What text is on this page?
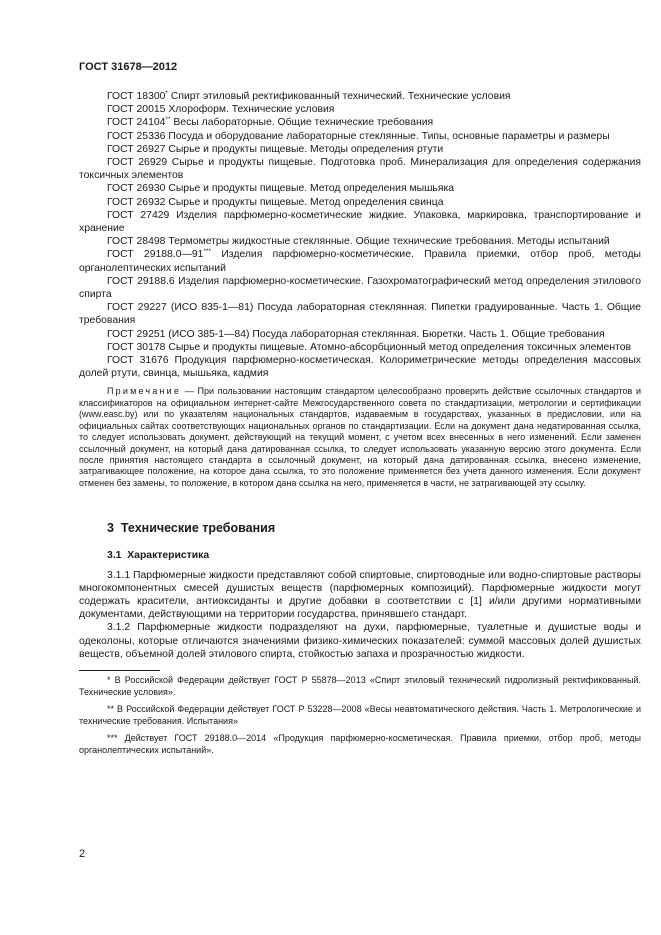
ГОСТ 31678—2012

ГОСТ 18300* Спирт этиловый ректификованный технический. Технические условия

ГОСТ 20015 Хлороформ. Технические условия

ГОСТ 24104** Весы лабораторные. Общие технические требования

ГОСТ 25336 Посуда и оборудование лабораторные стеклянные. Типы, основные параметры и размеры

ГОСТ 26927 Сырье и продукты пищевые. Методы определения ртути

ГОСТ 26929 Сырье и продукты пищевые. Подготовка проб. Минерализация для определения содержания токсичных элементов

ГОСТ 26930 Сырье и продукты пищевые. Метод определения мышьяка

ГОСТ 26932 Сырье и продукты пищевые. Метод определения свинца

ГОСТ 27429 Изделия парфюмерно-косметические жидкие. Упаковка, маркировка, транспортирование и хранение

ГОСТ 28498 Термометры жидкостные стеклянные. Общие технические требования. Методы испытаний

ГОСТ 29188.0—91*** Изделия парфюмерно-косметические. Правила приемки, отбор проб, методы органолептических испытаний

ГОСТ 29188.6 Изделия парфюмерно-косметические. Газохроматографический метод определения этилового спирта

ГОСТ 29227 (ИСО 835-1—81) Посуда лабораторная стеклянная. Пипетки градуированные. Часть 1. Общие требования

ГОСТ 29251 (ИСО 385-1—84) Посуда лабораторная стеклянная. Бюретки. Часть 1. Общие требования

ГОСТ 30178 Сырье и продукты пищевые. Атомно-абсорбционный метод определения токсичных элементов

ГОСТ 31676 Продукция парфюмерно-косметическая. Колориметрические методы определения массовых долей ртути, свинца, мышьяка, кадмия

Примечание — При пользовании настоящим стандартом целесообразно проверить действие ссылочных стандартов и классификаторов на официальном интернет-сайте Межгосударственного совета по стандартизации, метрологии и сертификации (www.easc.by) или по указателям национальных стандартов, издаваемым в государствах, указанных в предисловии, или на официальных сайтах соответствующих национальных органов по стандартизации. Если на документ дана недатированная ссылка, то следует использовать документ, действующий на текущий момент, с учетом всех внесенных в него изменений. Если заменен ссылочный документ, на который дана датированная ссылка, то следует использовать указанную версию этого документа. Если после принятия настоящего стандарта в ссылочный документ, на который дана датированная ссылка, внесено изменение, затрагивающее положение, на которое дана ссылка, то это положение применяется без учета данного изменения. Если документ отменен без замены, то положение, в котором дана ссылка на него, применяется в части, не затрагивающей эту ссылку.

3 Технические требования
3.1 Характеристика

3.1.1 Парфюмерные жидкости представляют собой спиртовые, спиртоводные или водно-спиртовые растворы многокомпонентных смесей душистых веществ (парфюмерных композиций). Парфюмерные жидкости могут содержать красители, антиоксиданты и другие добавки в соответствии с [1] и/или другими нормативными документами, действующими на территории государства, принявшего стандарт.

3.1.2 Парфюмерные жидкости подразделяют на духи, парфюмерные, туалетные и душистые воды и одеколоны, которые отличаются значениями физико-химических показателей: суммой массовых долей душистых веществ, объемной долей этилового спирта, стойкостью запаха и прозрачностью жидкости.

* В Российской Федерации действует ГОСТ Р 55878—2013 «Спирт этиловый технический гидролизный ректификованный. Технические условия».

** В Российской Федерации действует ГОСТ Р 53228—2008 «Весы неавтоматического действия. Часть 1. Метрологические и технические требования. Испытания»

*** Действует ГОСТ 29188.0—2014 «Продукция парфюмерно-косметическая. Правила приемки, отбор проб, методы органолептических испытаний».

2
